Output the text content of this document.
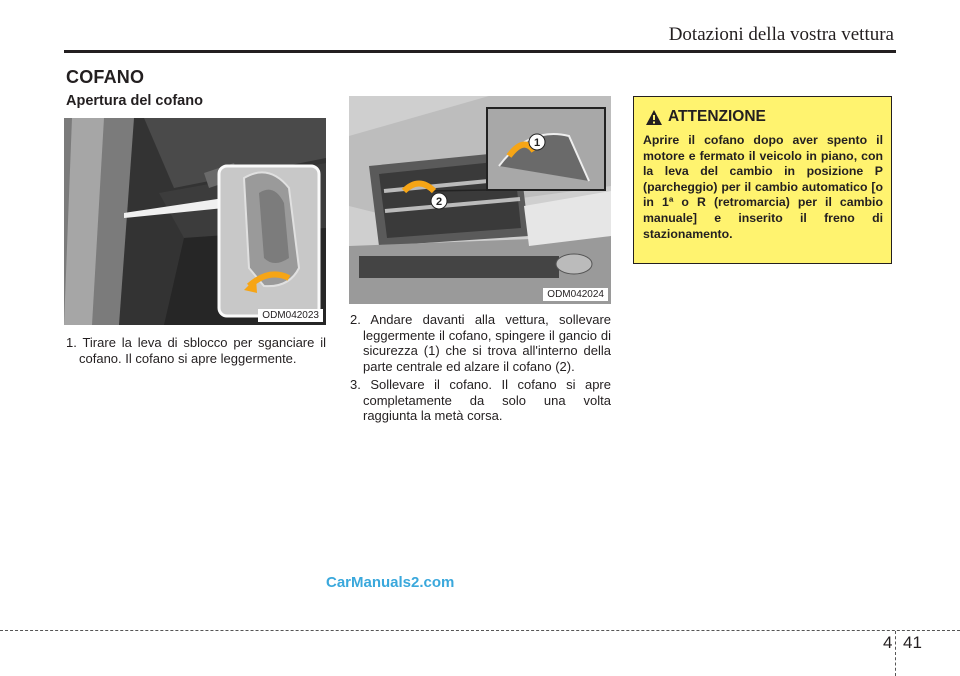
Dotazioni della vostra vettura
COFANO
Apertura del cofano
ODM042023
1
2
ODM042024
1. Tirare la leva di sblocco per sganciare il cofano. Il cofano si apre leggermente.
2. Andare davanti alla vettura, sollevare leggermente il cofano, spingere il gancio di sicurezza (1) che si trova all'interno della parte centrale ed alzare il cofano (2).
3. Sollevare il cofano. Il cofano si apre completamente da solo una volta raggiunta la metà corsa.
ATTENZIONE

Aprire il cofano dopo aver spento il motore e fermato il veicolo in piano, con la leva del cambio in posizione P (parcheggio) per il cambio automatico [o in 1ª o R (retromarcia) per il cambio manuale] e inserito il freno di stazionamento.

CarManuals2.com
4 41
